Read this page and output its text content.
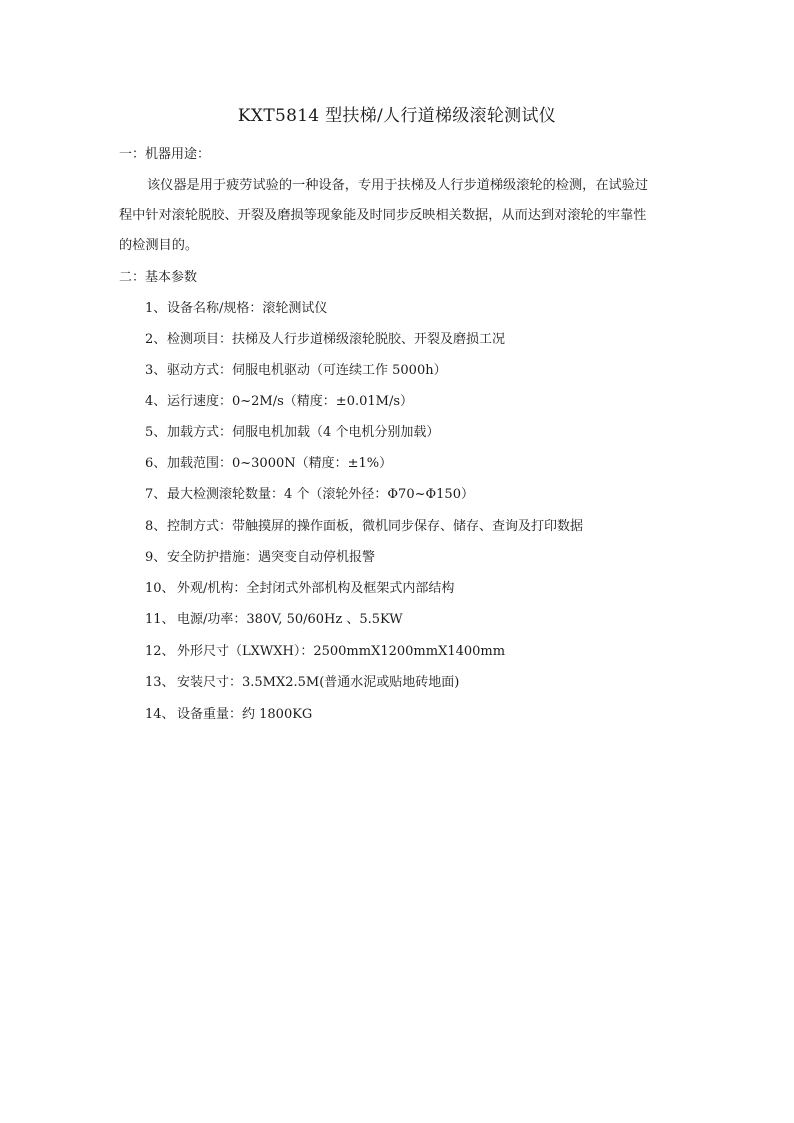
KXT5814 型扶梯/人行道梯级滚轮测试仪
一：机器用途：
该仪器是用于疲劳试验的一种设备，专用于扶梯及人行步道梯级滚轮的检测，在试验过
程中针对滚轮脱胶、开裂及磨损等现象能及时同步反映相关数据，从而达到对滚轮的牢靠性
的检测目的。
二：基本参数
1、设备名称/规格：滚轮测试仪
2、检测项目：扶梯及人行步道梯级滚轮脱胶、开裂及磨损工况
3、驱动方式：伺服电机驱动（可连续工作 5000h）
4、运行速度：0~2M/s（精度：±0.01M/s）
5、加载方式：伺服电机加载（4 个电机分别加载）
6、加载范围：0~3000N（精度：±1%）
7、最大检测滚轮数量：4 个（滚轮外径：Φ70~Φ150）
8、控制方式：带触摸屏的操作面板，微机同步保存、储存、查询及打印数据
9、安全防护措施：遇突变自动停机报警
10、 外观/机构：全封闭式外部机构及框架式内部结构
11、 电源/功率：380V, 50/60Hz 、5.5KW
12、 外形尺寸（LXWXH）：2500mmX1200mmX1400mm
13、 安装尺寸：3.5MX2.5M(普通水泥或贴地砖地面)
14、 设备重量：约 1800KG
